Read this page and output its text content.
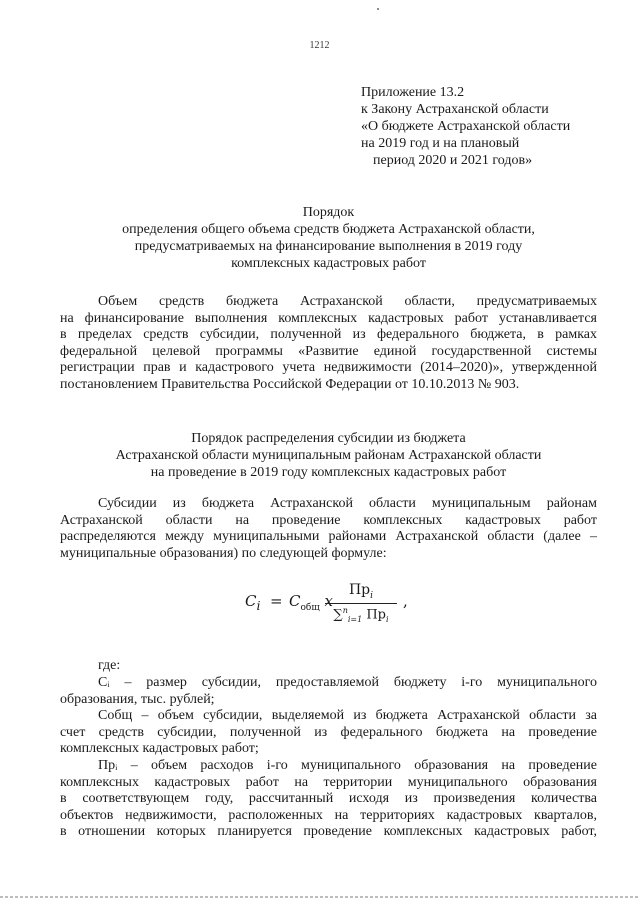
1212
Приложение 13.2
к Закону Астраханской области
«О бюджете Астраханской области
на 2019 год и на плановый
период 2020 и 2021 годов»
Порядок
определения общего объема средств бюджета Астраханской области,
предусматриваемых на финансирование выполнения в 2019 году
комплексных кадастровых работ
Объем средств бюджета Астраханской области, предусматриваемых
на финансирование выполнения комплексных кадастровых работ устанавливается
в пределах средств субсидии, полученной из федерального бюджета, в рамках
федеральной целевой программы «Развитие единой государственной системы
регистрации прав и кадастрового учета недвижимости (2014–2020)», утвержденной
постановлением Правительства Российской Федерации от 10.10.2013 № 903.
Порядок распределения субсидии из бюджета
Астраханской области муниципальным районам Астраханской области
на проведение в 2019 году комплексных кадастровых работ
Субсидии из бюджета Астраханской области муниципальным районам
Астраханской области на проведение комплексных кадастровых работ
распределяются между муниципальными районами Астраханской области (далее –
муниципальные образования) по следующей формуле:
$C_i = C_{общ}$ x
$Пр_i$
∑$^n_{i=1}$ $Пр_i$
,
где:
Cᵢ – размер субсидии, предоставляемой бюджету i-го муниципального
образования, тыс. рублей;
Cобщ – объем субсидии, выделяемой из бюджета Астраханской области за
счет средств субсидии, полученной из федерального бюджета на проведение
комплексных кадастровых работ;
Прᵢ – объем расходов i-го муниципального образования на проведение
комплексных кадастровых работ на территории муниципального образования
в соответствующем году, рассчитанный исходя из произведения количества
объектов недвижимости, расположенных на территориях кадастровых кварталов,
в отношении которых планируется проведение комплексных кадастровых работ,
